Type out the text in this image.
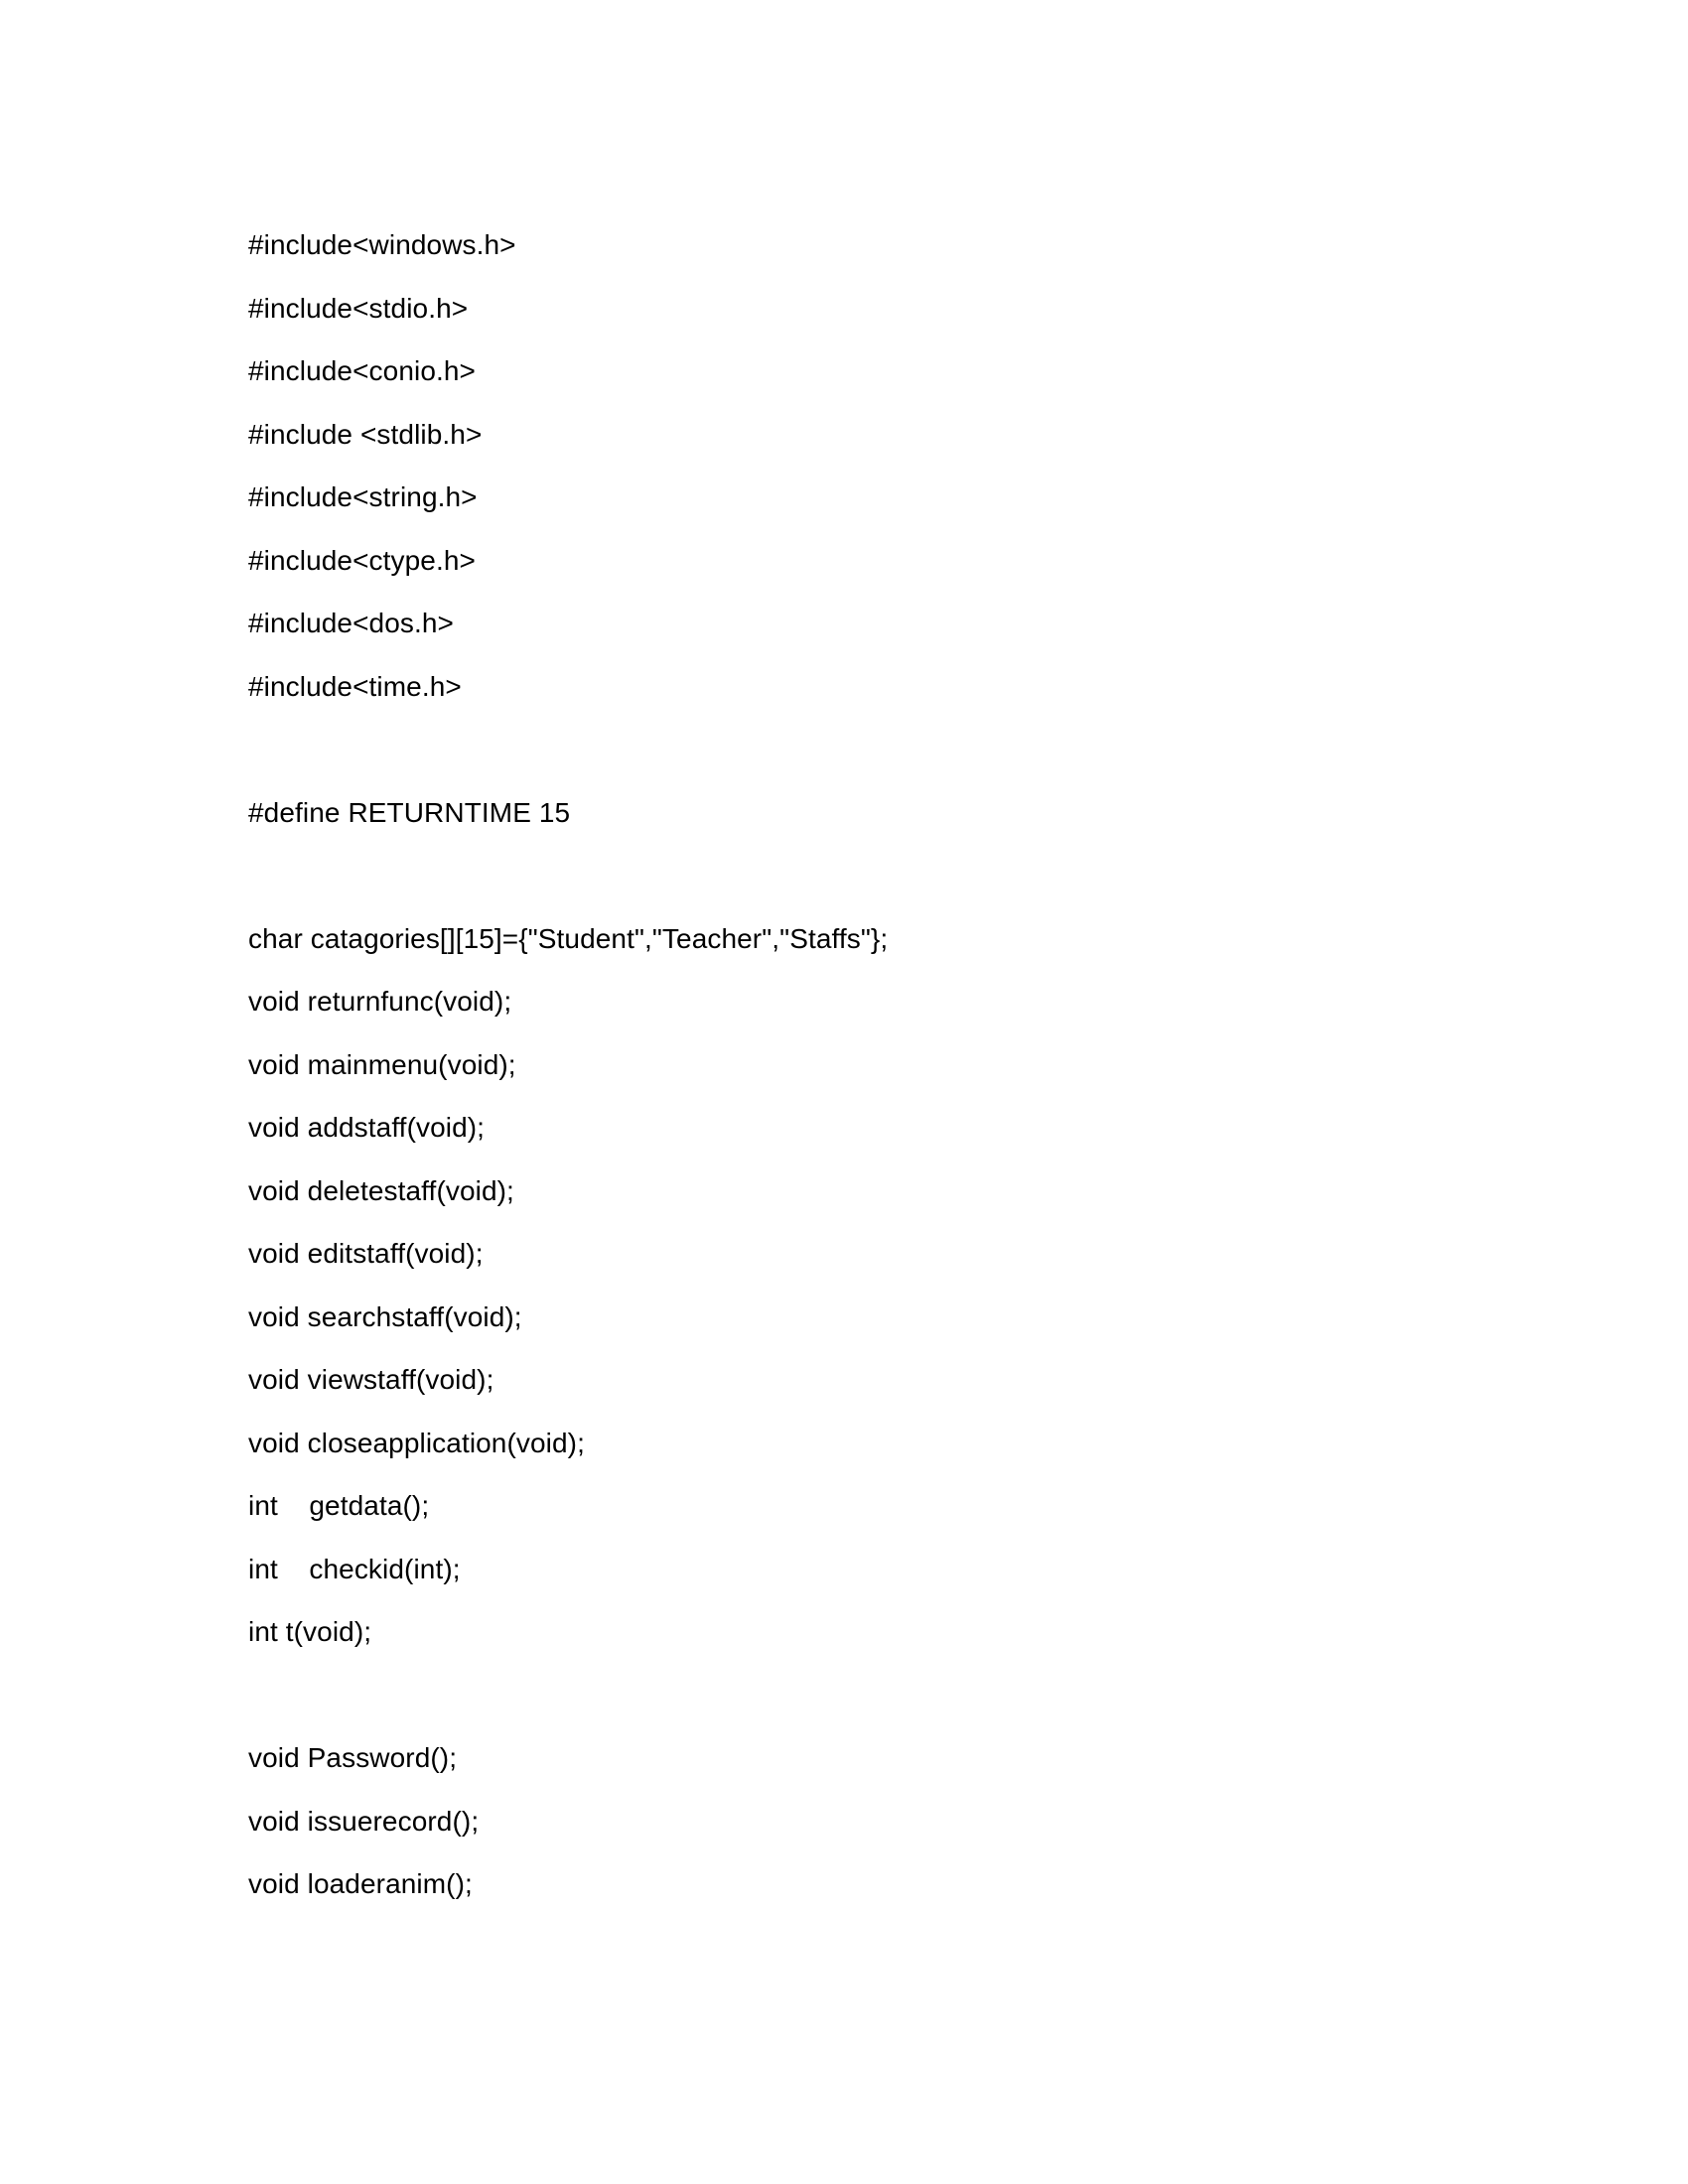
#include<windows.h>
#include<stdio.h>
#include<conio.h>
#include <stdlib.h>
#include<string.h>
#include<ctype.h>
#include<dos.h>
#include<time.h>
#define RETURNTIME 15
char catagories[][15]={"Student","Teacher","Staffs"};
void returnfunc(void);
void mainmenu(void);
void addstaff(void);
void deletestaff(void);
void editstaff(void);
void searchstaff(void);
void viewstaff(void);
void closeapplication(void);
int    getdata();
int    checkid(int);
int t(void);
void Password();
void issuerecord();
void loaderanim();
